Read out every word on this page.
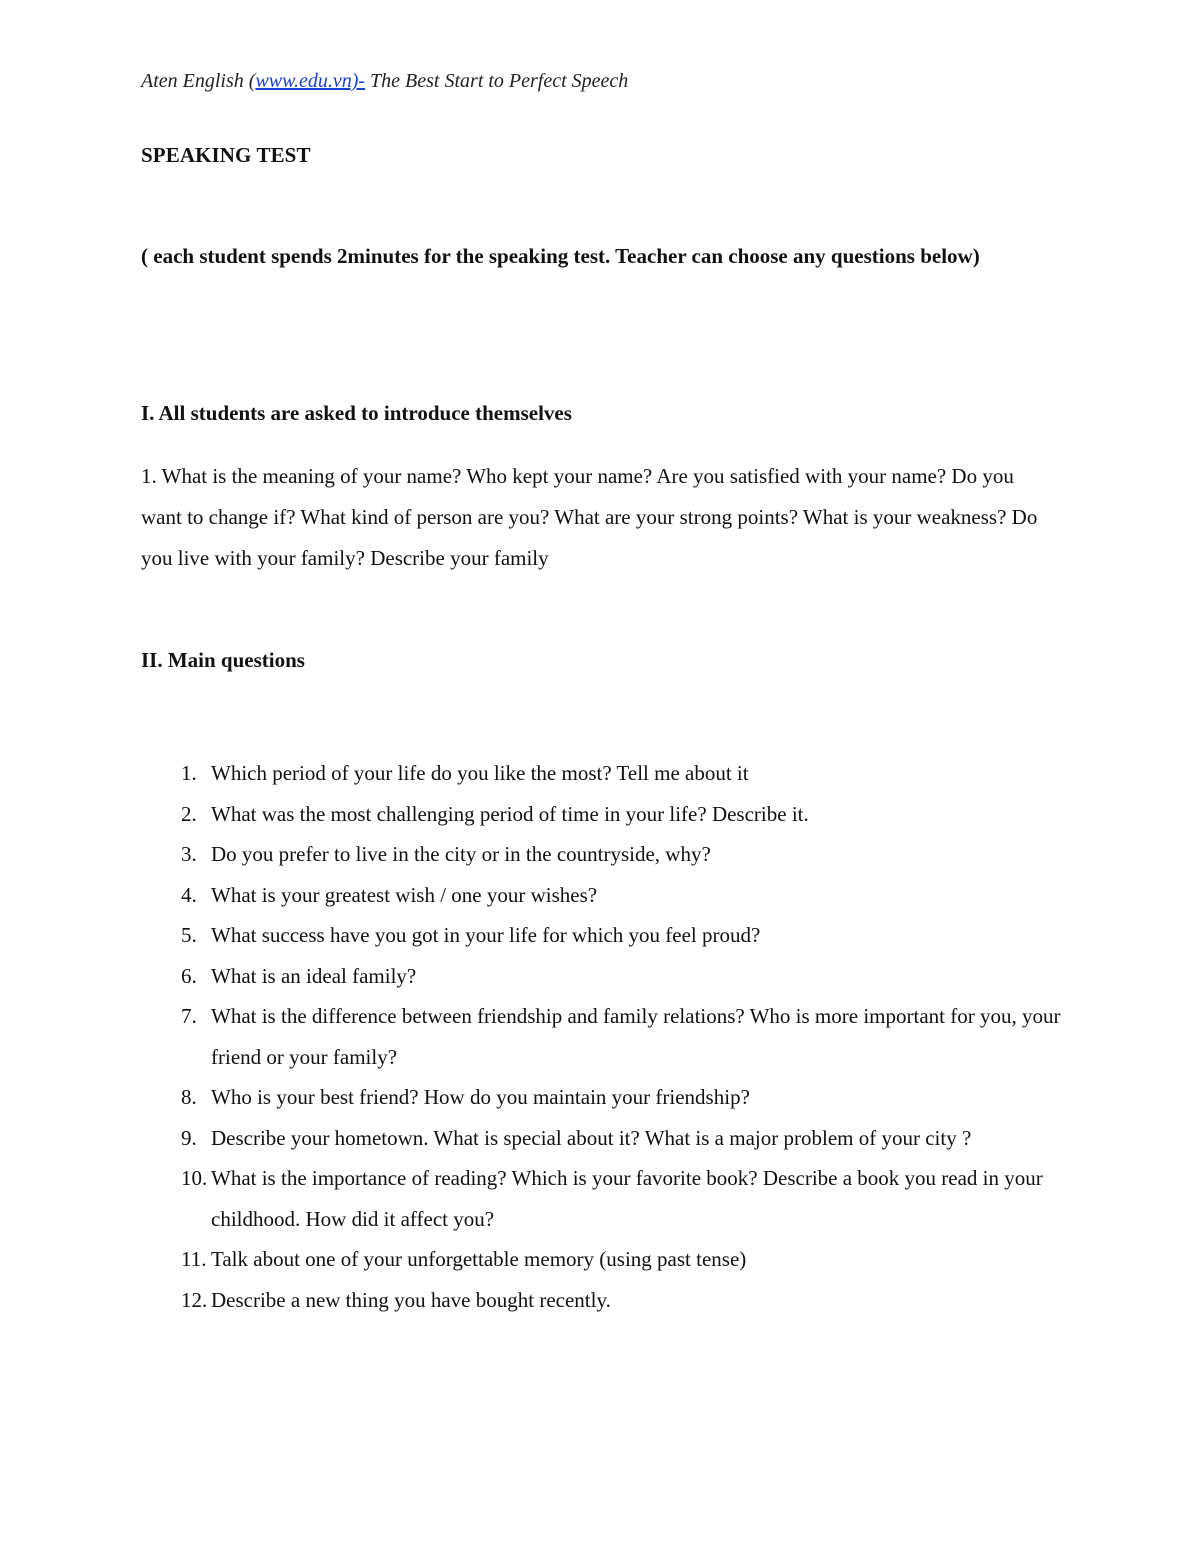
Aten English (www.edu.vn)- The Best Start to Perfect Speech
SPEAKING TEST
( each student spends 2minutes for the speaking test. Teacher can choose any questions below)
I. All students are asked to introduce themselves
1. What is the meaning of your name? Who kept your name? Are you satisfied with your name? Do you want to change if? What kind of person are you? What are your strong points? What is your weakness? Do you live with your family? Describe your family
II. Main questions
1. Which period of your life do you like the most? Tell me about it
2. What was the most challenging period of time in your life? Describe it.
3. Do you prefer to live in the city or in the countryside, why?
4. What is your greatest wish / one your wishes?
5. What success have you got in your life for which you feel proud?
6. What is an ideal family?
7. What is the difference between friendship and family relations? Who is more important for you, your friend or your family?
8. Who is your best friend? How do you maintain your friendship?
9. Describe your hometown. What is special about it? What is a major problem of your city ?
10. What is the importance of reading? Which is your favorite book? Describe a book you read in your childhood. How did it affect you?
11. Talk about one of your unforgettable memory (using past tense)
12. Describe a new thing you have bought recently.
